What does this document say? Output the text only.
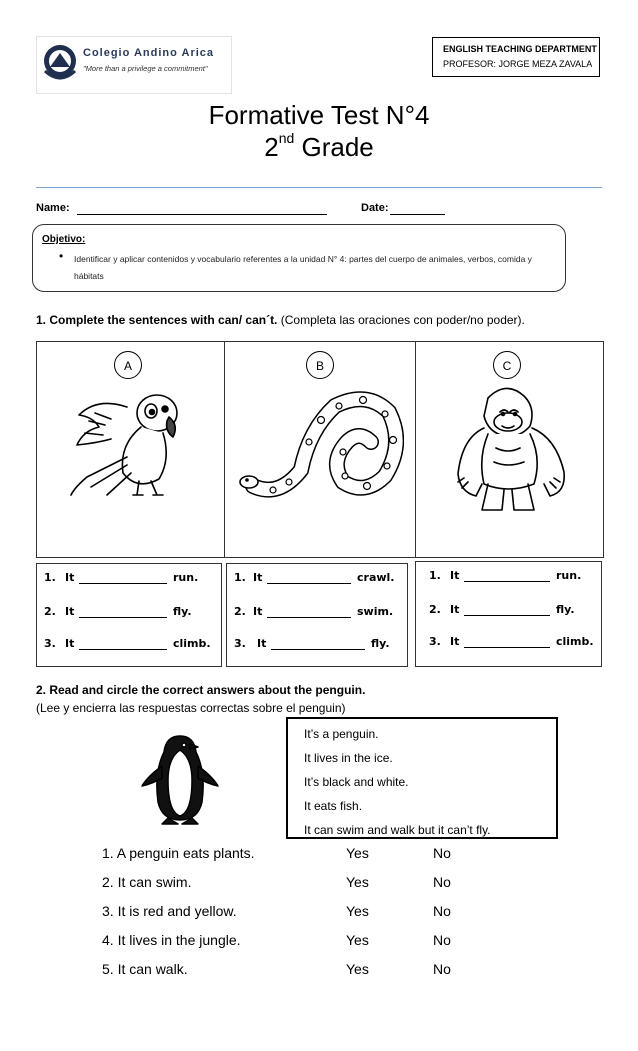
Colegio Andino Arica
"More than a privilege a commitment"
ENGLISH TEACHING DEPARTMENT
PROFESOR: JORGE MEZA ZAVALA
Formative Test N°4
2nd Grade
Name:	Date:
Objetivo:
• Identificar y aplicar contenidos y vocabulario referentes a la unidad N° 4: partes del cuerpo de animales, verbos, comida y hábitats
1. Complete the sentences with can/ can´t. (Completa las oraciones con poder/no poder).
A	B	C
1. It	run.
2. It	fly.
3. It	climb.
1. It	crawl.
2. It	swim.
3. It	fly.
1. It	run.
2. It	fly.
3. It	climb.
2. Read and circle the correct answers about the penguin.
(Lee y encierra las respuestas correctas sobre el penguin)
It’s a penguin.
It lives in the ice.
It’s black and white.
It eats fish.
It can swim and walk but it can’t fly.
1. A penguin eats plants.	Yes	No
2. It can swim.	Yes	No
3. It is red and yellow.	Yes	No
4. It lives in the jungle.	Yes	No
5. It can walk.	Yes	No
